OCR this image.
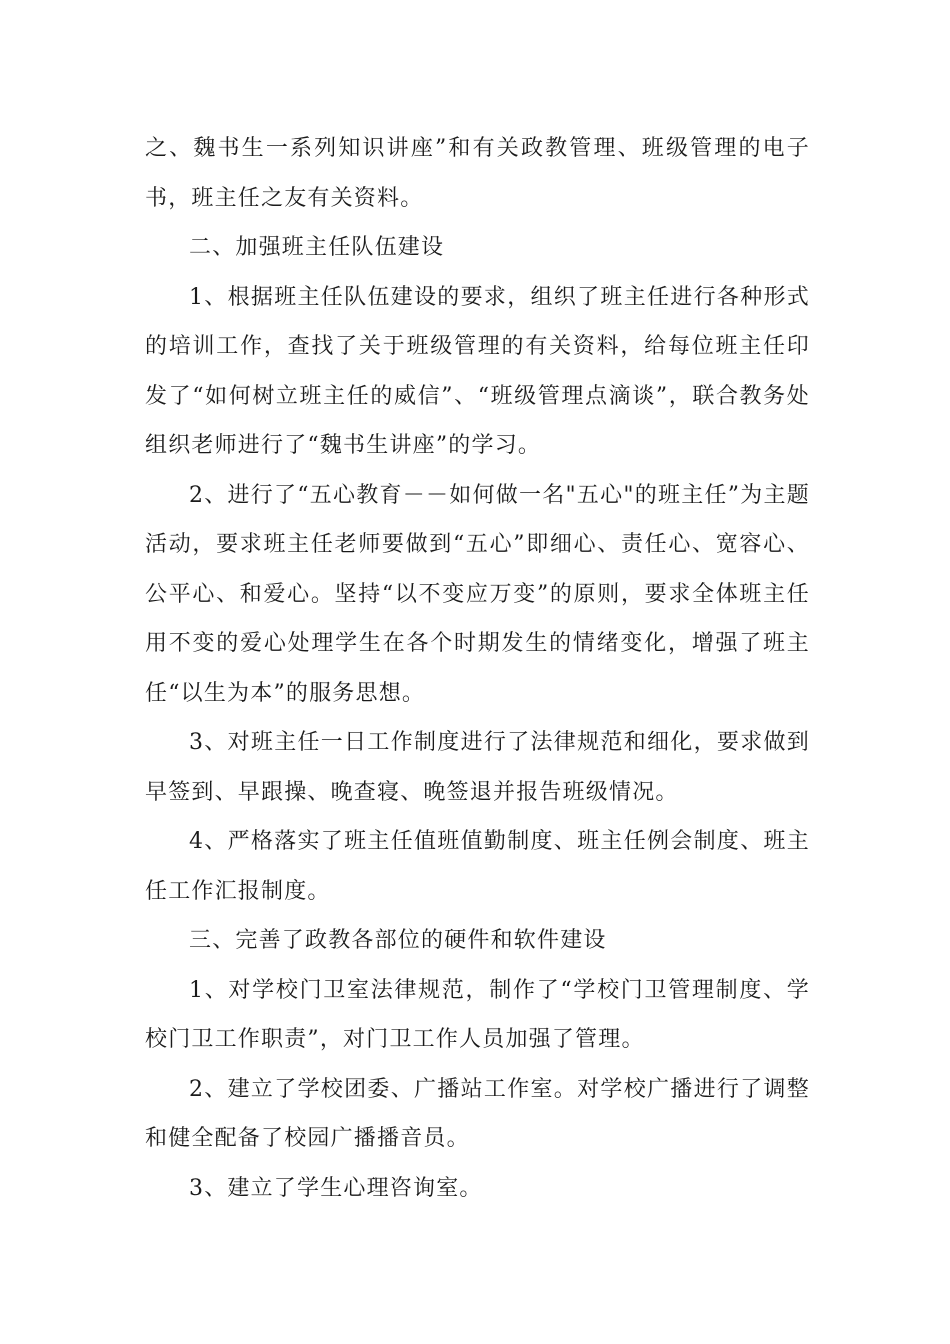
之、魏书生一系列知识讲座”和有关政教管理、班级管理的电子书，班主任之友有关资料。

二、加强班主任队伍建设

1、根据班主任队伍建设的要求，组织了班主任进行各种形式的培训工作，查找了关于班级管理的有关资料，给每位班主任印发了“如何树立班主任的威信”、“班级管理点滴谈”，联合教务处组织老师进行了“魏书生讲座”的学习。

2、进行了“五心教育－－如何做一名"五心"的班主任”为主题活动，要求班主任老师要做到“五心”即细心、责任心、宽容心、公平心、和爱心。坚持“以不变应万变”的原则，要求全体班主任用不变的爱心处理学生在各个时期发生的情绪变化，增强了班主任“以生为本”的服务思想。

3、对班主任一日工作制度进行了法律规范和细化，要求做到早签到、早跟操、晚查寝、晚签退并报告班级情况。

4、严格落实了班主任值班值勤制度、班主任例会制度、班主任工作汇报制度。

三、完善了政教各部位的硬件和软件建设

1、对学校门卫室法律规范，制作了“学校门卫管理制度、学校门卫工作职责”，对门卫工作人员加强了管理。

2、建立了学校团委、广播站工作室。对学校广播进行了调整和健全配备了校园广播播音员。

3、建立了学生心理咨询室。
